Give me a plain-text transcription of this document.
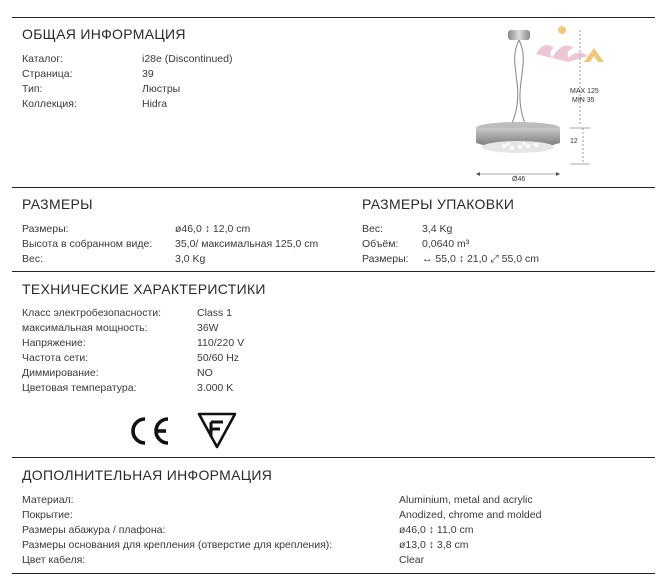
ОБЩАЯ ИНФОРМАЦИЯ
Каталог:	i28e (Discontinued)
Страница:	39
Тип:	Люстры
Коллекция:	Hidra
MAX 125
MIN 35
12
Ø46
РАЗМЕРЫ
Размеры:	ø46,0 ↕ 12,0 cm
Высота в собранном виде: 35,0/ максимальная 125,0 cm
Вес:	3,0 Kg
РАЗМЕРЫ УПАКОВКИ
Вес:	3,4 Kg
Объём: 0,0640 m³
Размеры: ↔ 55,0 ↕ 21,0 ⤢ 55,0 cm
ТЕХНИЧЕСКИЕ ХАРАКТЕРИСТИКИ
Класс электробезопасности:	Class 1
максимальная мощность:	36W
Напряжение:	110/220 V
Частота сети:	50/60 Hz
Диммирование:	NO
Цветовая температура:	3.000 K
ДОПОЛНИТЕЛЬНАЯ ИНФОРМАЦИЯ
Материал:	Aluminium, metal and acrylic
Покрытие:	Anodized, chrome and molded
Размеры абажура / плафона:	ø46,0 ↕ 11,0 cm
Размеры основания для крепления (отверстие для крепления):	ø13,0 ↕ 3,8 cm
Цвет кабеля:	Clear
